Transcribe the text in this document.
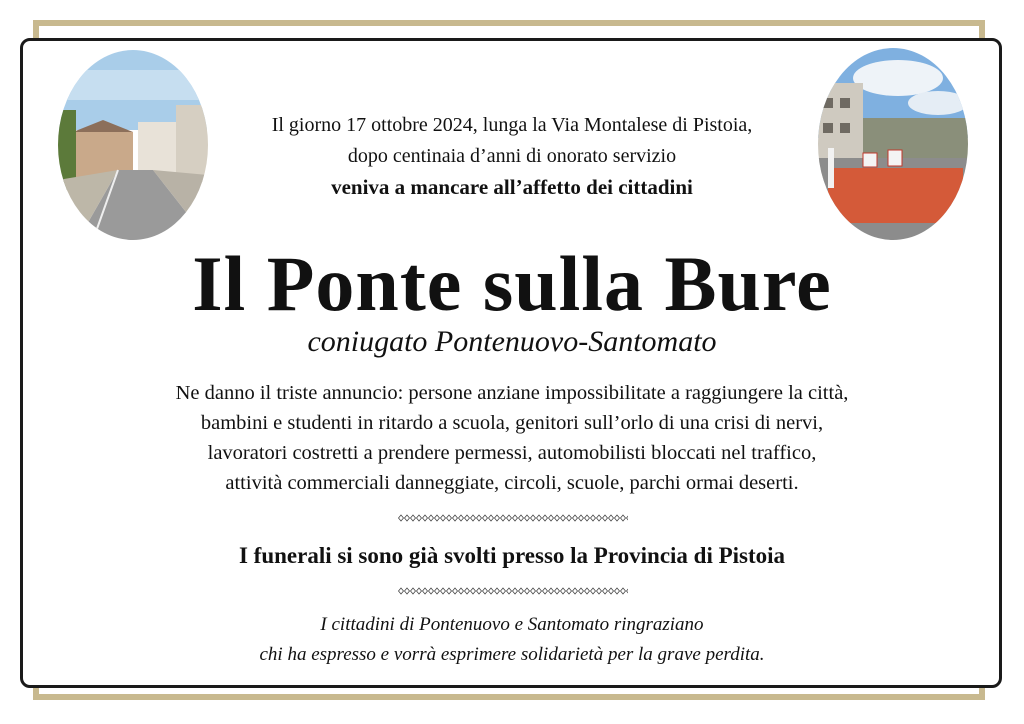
Il giorno 17 ottobre 2024, lunga la Via Montalese di Pistoia,
dopo centinaia d’anni di onorato servizio
veniva a mancare all’affetto dei cittadini
Il Ponte sulla Bure
coniugato Pontenuovo-Santomato
Ne danno il triste annuncio: persone anziane impossibilitate a raggiungere la città,
bambini e studenti in ritardo a scuola, genitori sull’orlo di una crisi di nervi,
lavoratori costretti a prendere permessi, automobilisti bloccati nel traffico,
attività commerciali danneggiate, circoli, scuole, parchi ormai deserti.
I funerali si sono già svolti presso la Provincia di Pistoia
I cittadini di Pontenuovo e Santomato ringraziano
chi ha espresso e vorrà esprimere solidarietà per la grave perdita.
